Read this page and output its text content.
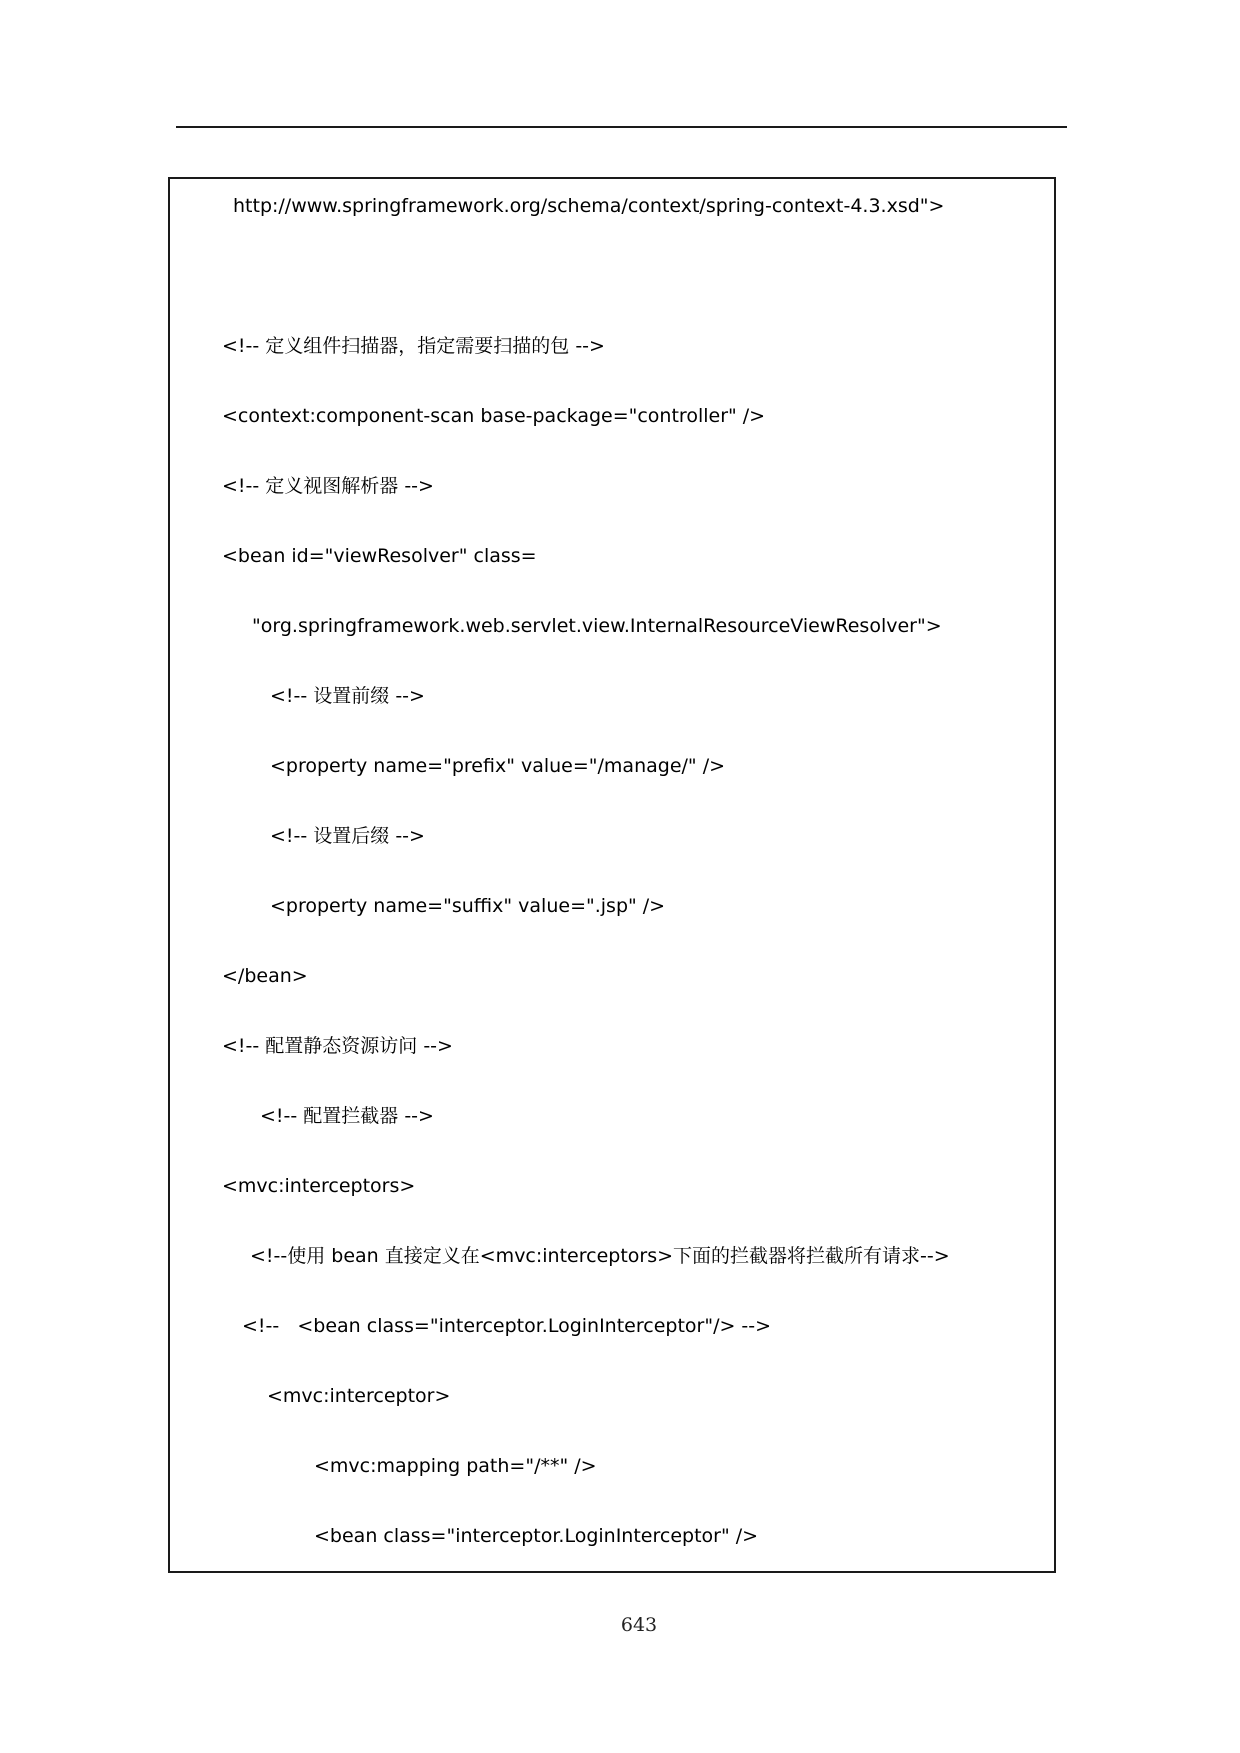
http://www.springframework.org/schema/context/spring-context-4.3.xsd">
<!-- 定义组件扫描器，指定需要扫描的包 -->
<context:component-scan base-package="controller" />
<!-- 定义视图解析器 -->
<bean id="viewResolver" class=
"org.springframework.web.servlet.view.InternalResourceViewResolver">
<!-- 设置前缀 -->
<property name="prefix" value="/manage/" />
<!-- 设置后缀 -->
<property name="suffix" value=".jsp" />
</bean>
<!-- 配置静态资源访问 -->
<!-- 配置拦截器 -->
<mvc:interceptors>
<!--使用 bean 直接定义在<mvc:interceptors>下面的拦截器将拦截所有请求-->
<!--   <bean class="interceptor.LoginInterceptor"/> -->
<mvc:interceptor>
<mvc:mapping path="/**" />
<bean class="interceptor.LoginInterceptor" />
643
